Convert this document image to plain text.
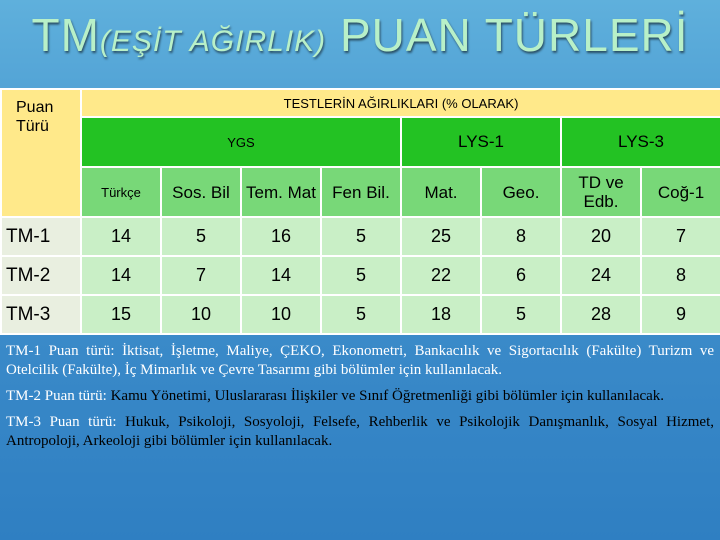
TM(EŞİT AĞIRLIK) PUAN TÜRLERİ
Puan Türü	TESTLERİN AĞIRLIKLARI (% OLARAK)							
	YGS				LYS-1		LYS-3	
	Türkçe	Sos. Bil	Tem. Mat	Fen Bil.	Mat.	Geo.	TD ve Edb.	Coğ-1
TM-1	14	5	16	5	25	8	20	7
TM-2	14	7	14	5	22	6	24	8
TM-3	15	10	10	5	18	5	28	9
TM-1 Puan türü: İktisat, İşletme, Maliye, ÇEKO, Ekonometri, Bankacılık ve Sigortacılık (Fakülte) Turizm ve Otelcilik (Fakülte), İç Mimarlık ve Çevre Tasarımı gibi bölümler için kullanılacak.
TM-2 Puan türü: Kamu Yönetimi, Uluslararası İlişkiler ve Sınıf Öğretmenliği gibi bölümler için kullanılacak.
TM-3 Puan türü: Hukuk, Psikoloji, Sosyoloji, Felsefe, Rehberlik ve Psikolojik Danışmanlık, Sosyal Hizmet, Antropoloji, Arkeoloji gibi bölümler için kullanılacak.
